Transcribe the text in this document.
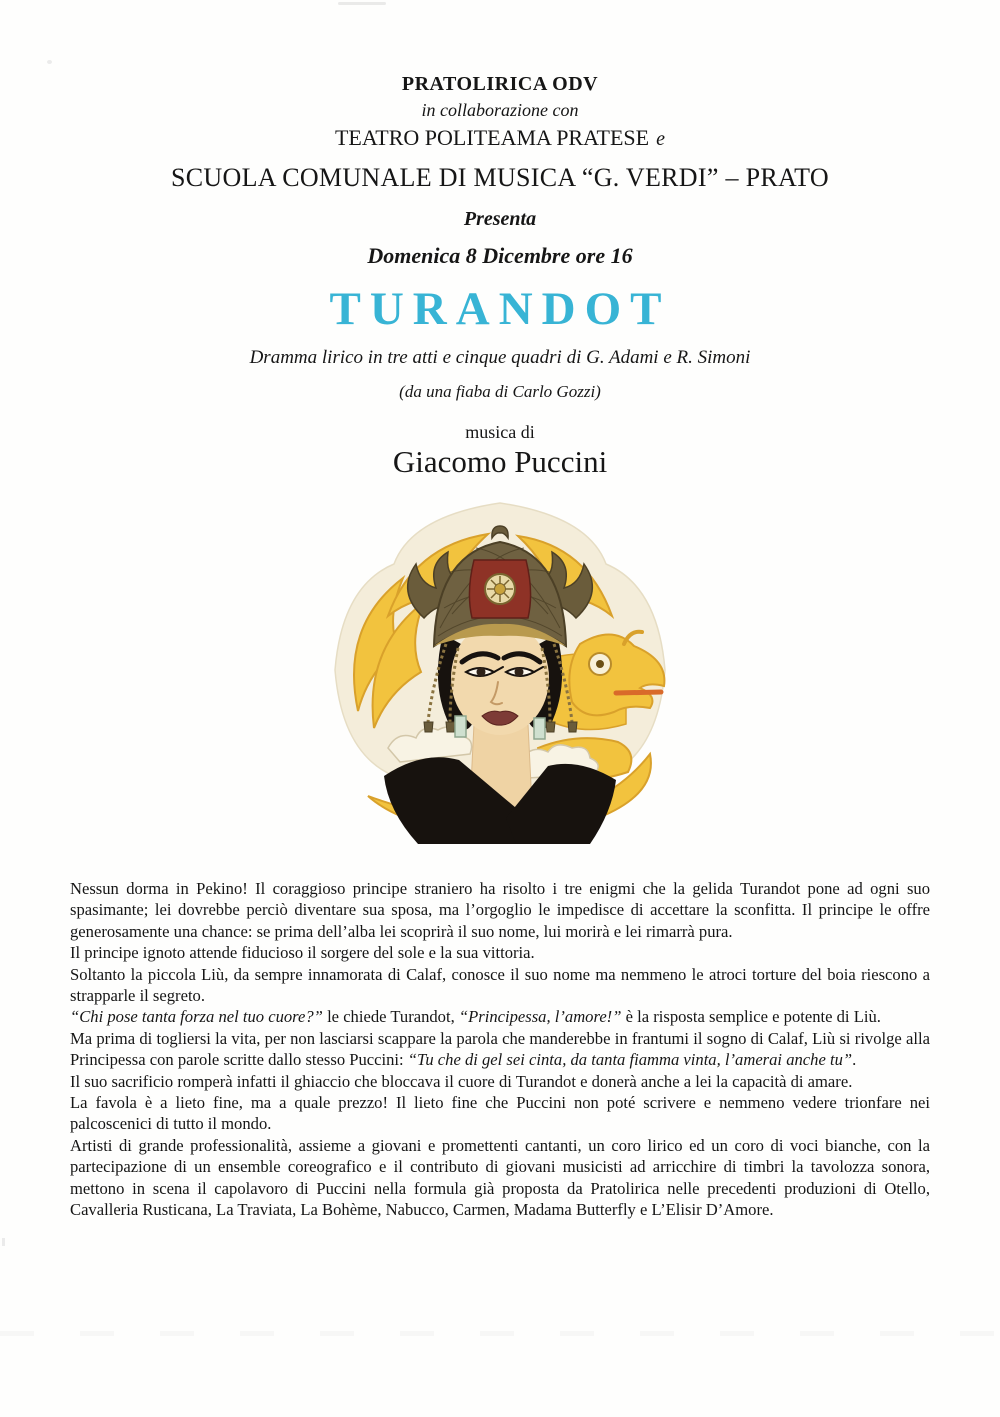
PRATOLIRICA ODV
in collaborazione con
TEATRO POLITEAMA PRATESE e
SCUOLA COMUNALE DI MUSICA “G. VERDI” – PRATO
Presenta
Domenica 8 Dicembre ore 16
TURANDOT
Dramma lirico in tre atti e cinque quadri di G. Adami e R. Simoni
(da una fiaba di Carlo Gozzi)
musica di
Giacomo Puccini

Nessun dorma in Pekino! Il coraggioso principe straniero ha risolto i tre enigmi che la gelida Turandot pone ad ogni suo spasimante; lei dovrebbe perciò diventare sua sposa, ma l’orgoglio le impedisce di accettare la sconfitta. Il principe le offre generosamente una chance: se prima dell’alba lei scoprirà il suo nome, lui morirà e lei rimarrà pura.

Il principe ignoto attende fiducioso il sorgere del sole e la sua vittoria.

Soltanto la piccola Liù, da sempre innamorata di Calaf, conosce il suo nome ma nemmeno le atroci torture del boia riescono a strapparle il segreto.

“Chi pose tanta forza nel tuo cuore?” le chiede Turandot, “Principessa, l’amore!” è la risposta semplice e potente di Liù.

Ma prima di togliersi la vita, per non lasciarsi scappare la parola che manderebbe in frantumi il sogno di Calaf, Liù si rivolge alla Principessa con parole scritte dallo stesso Puccini: “Tu che di gel sei cinta, da tanta fiamma vinta, l’amerai anche tu”.

Il suo sacrificio romperà infatti il ghiaccio che bloccava il cuore di Turandot e donerà anche a lei la capacità di amare.

La favola è a lieto fine, ma a quale prezzo! Il lieto fine che Puccini non poté scrivere e nemmeno vedere trionfare nei palcoscenici di tutto il mondo.

Artisti di grande professionalità, assieme a giovani e promettenti cantanti, un coro lirico ed un coro di voci bianche, con la partecipazione di un ensemble coreografico e il contributo di giovani musicisti ad arricchire di timbri la tavolozza sonora, mettono in scena il capolavoro di Puccini nella formula già proposta da Pratolirica nelle precedenti produzioni di Otello, Cavalleria Rusticana, La Traviata, La Bohème, Nabucco, Carmen, Madama Butterfly e L’Elisir D’Amore.
